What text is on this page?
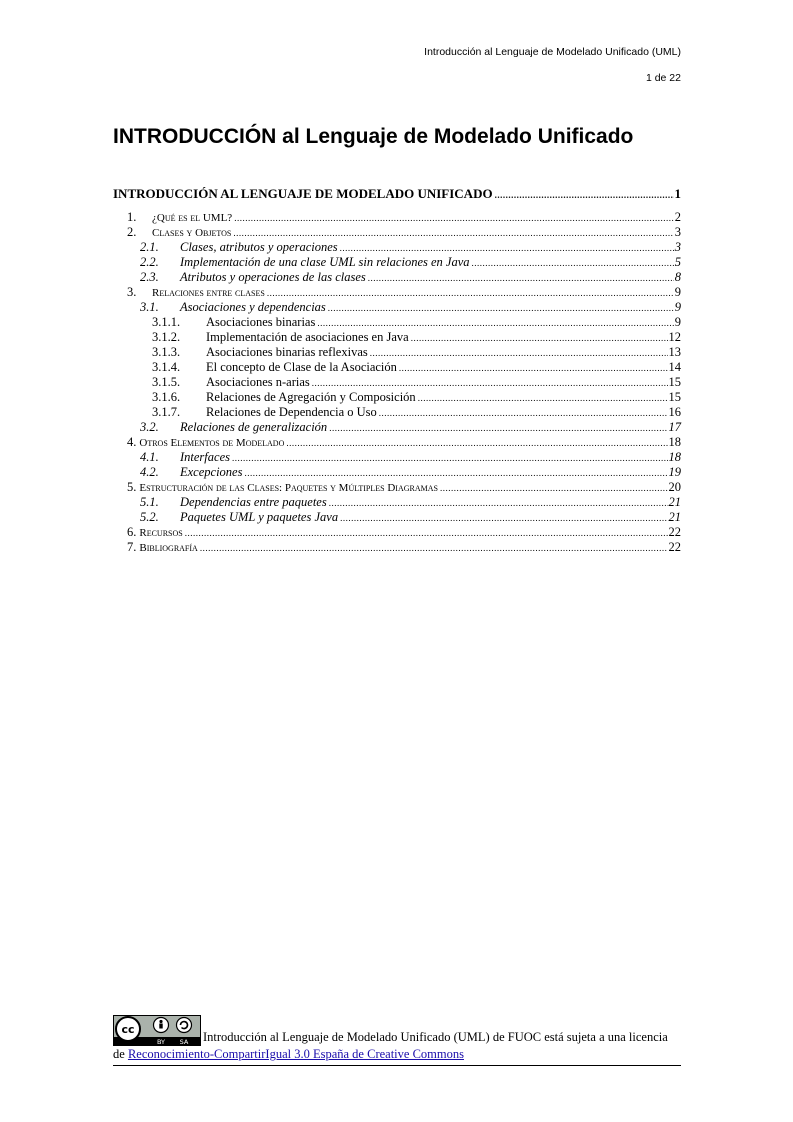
Introducción al Lenguaje de Modelado Unificado (UML)
1 de 22
INTRODUCCIÓN al Lenguaje de Modelado Unificado
INTRODUCCIÓN AL LENGUAJE DE MODELADO UNIFICADO .....	1
1.	¿Qué es el UML? .....	2
2.	Clases y Objetos .....	3
2.1.	Clases, atributos y operaciones .....	3
2.2.	Implementación de una clase UML sin relaciones en Java .....	5
2.3.	Atributos y operaciones de las clases .....	8
3.	Relaciones entre clases .....	9
3.1.	Asociaciones y dependencias .....	9
3.1.1.	Asociaciones binarias .....	9
3.1.2.	Implementación de asociaciones en Java .....	12
3.1.3.	Asociaciones binarias reflexivas .....	13
3.1.4.	El concepto de Clase de la Asociación .....	14
3.1.5.	Asociaciones n-arias .....	15
3.1.6.	Relaciones de Agregación y Composición .....	15
3.1.7.	Relaciones de Dependencia o Uso .....	16
3.2.	Relaciones de generalización .....	17
4. Otros Elementos de Modelado .....	18
4.1.	Interfaces .....	18
4.2.	Excepciones .....	19
5. Estructuración de las Clases: Paquetes y Múltiples Diagramas .....	20
5.1.	Dependencias entre paquetes .....	21
5.2.	Paquetes UML y paquetes Java .....	21
6. Recursos .....	22
7. Bibliografía .....	22
cc
BY SA Introducción al Lenguaje de Modelado Unificado (UML) de FUOC está sujeta a una licencia de Reconocimiento-CompartirIgual 3.0 España de Creative Commons
